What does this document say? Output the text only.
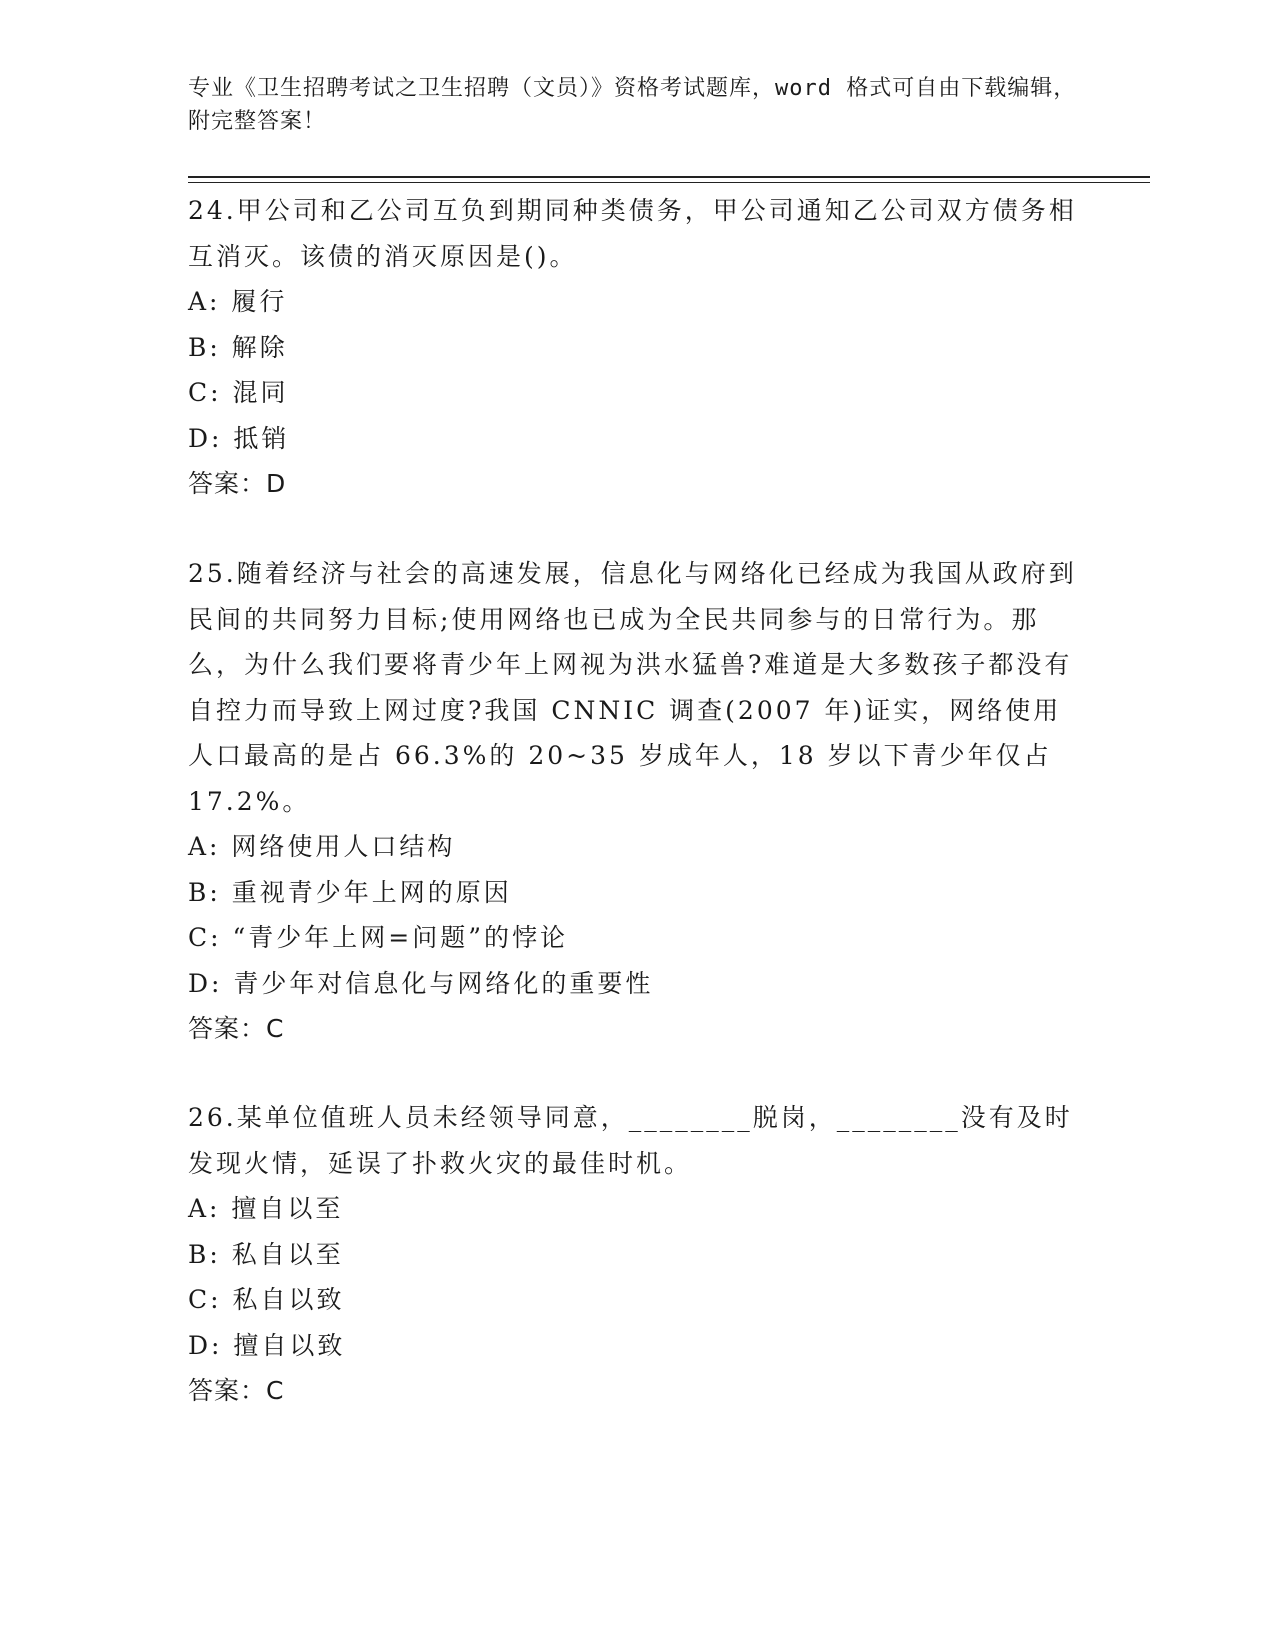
专业《卫生招聘考试之卫生招聘（文员）》资格考试题库，word 格式可自由下载编辑，附完整答案！

24.甲公司和乙公司互负到期同种类债务，甲公司通知乙公司双方债务相互消灭。该债的消灭原因是()。

A: 履行

B: 解除

C: 混同

D: 抵销

答案：D

25.随着经济与社会的高速发展，信息化与网络化已经成为我国从政府到民间的共同努力目标;使用网络也已成为全民共同参与的日常行为。那么，为什么我们要将青少年上网视为洪水猛兽?难道是大多数孩子都没有自控力而导致上网过度?我国 CNNIC 调查(2007 年)证实，网络使用人口最高的是占 66.3%的 20~35 岁成年人，18 岁以下青少年仅占 17.2%。

A: 网络使用人口结构

B: 重视青少年上网的原因

C: “青少年上网=问题”的悖论

D: 青少年对信息化与网络化的重要性

答案：C

26.某单位值班人员未经领导同意，________脱岗，________没有及时发现火情，延误了扑救火灾的最佳时机。

A: 擅自以至

B: 私自以至

C: 私自以致

D: 擅自以致

答案：C
